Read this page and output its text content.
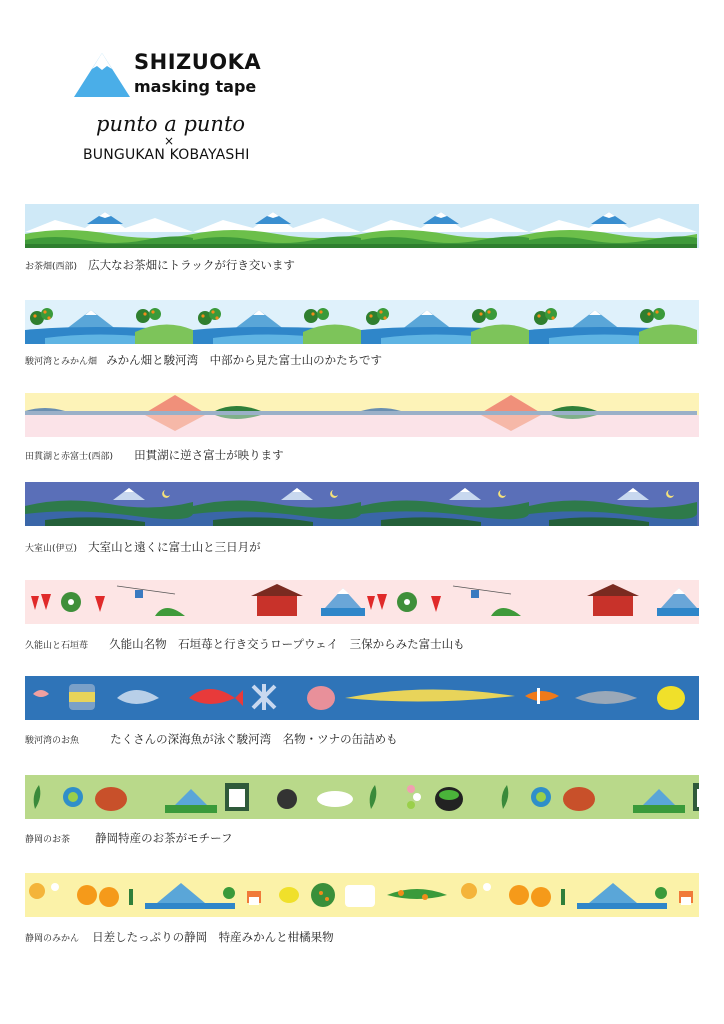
SHIZUOKA
masking tape
punto a punto
×
BUNGUKAN KOBAYASHI
お茶畑(西部) 広大なお茶畑にトラックが行き交います
駿河湾とみかん畑 みかん畑と駿河湾　中部から見た富士山のかたちです
田貫湖と赤富士(西部) 田貫湖に逆さ富士が映ります
大室山(伊豆) 大室山と遠くに富士山と三日月が
久能山と石垣苺 久能山名物　石垣苺と行き交うロープウェイ　三保からみた富士山も
駿河湾のお魚	たくさんの深海魚が泳ぐ駿河湾　名物・ツナの缶詰めも
静岡のお茶 静岡特産のお茶がモチーフ
静岡のみかん 日差したっぷりの静岡　特産みかんと柑橘果物
